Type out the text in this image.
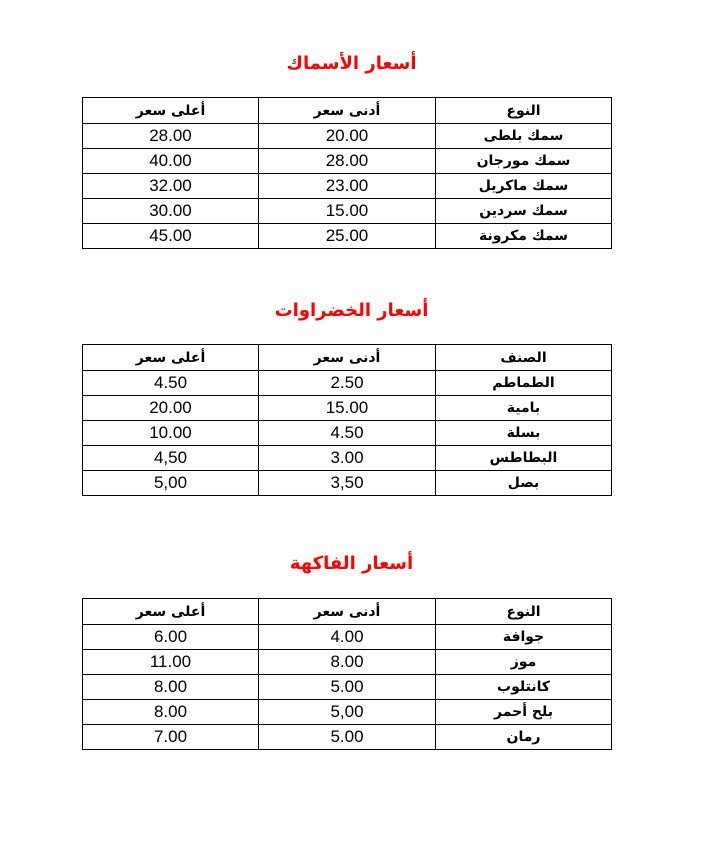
أسعار الأسماك
أعلى سعر	أدنى سعر	النوع
28.00	20.00	سمك بلطى
40.00	28.00	سمك مورجان
32.00	23.00	سمك ماكريل
30.00	15.00	سمك سردين
45.00	25.00	سمك مكرونة
أسعار الخضراوات
أعلى سعر	أدنى سعر	الصنف
4.50	2.50	الطماطم
20.00	15.00	بامية
10.00	4.50	بسلة
4,50	3.00	البطاطس
5,00	3,50	بصل
أسعار الفاكهة
أعلى سعر	أدنى سعر	النوع
6.00	4.00	جوافة
11.00	8.00	موز
8.00	5.00	كانتلوب
8.00	5,00	بلح أحمر
7.00	5.00	رمان
